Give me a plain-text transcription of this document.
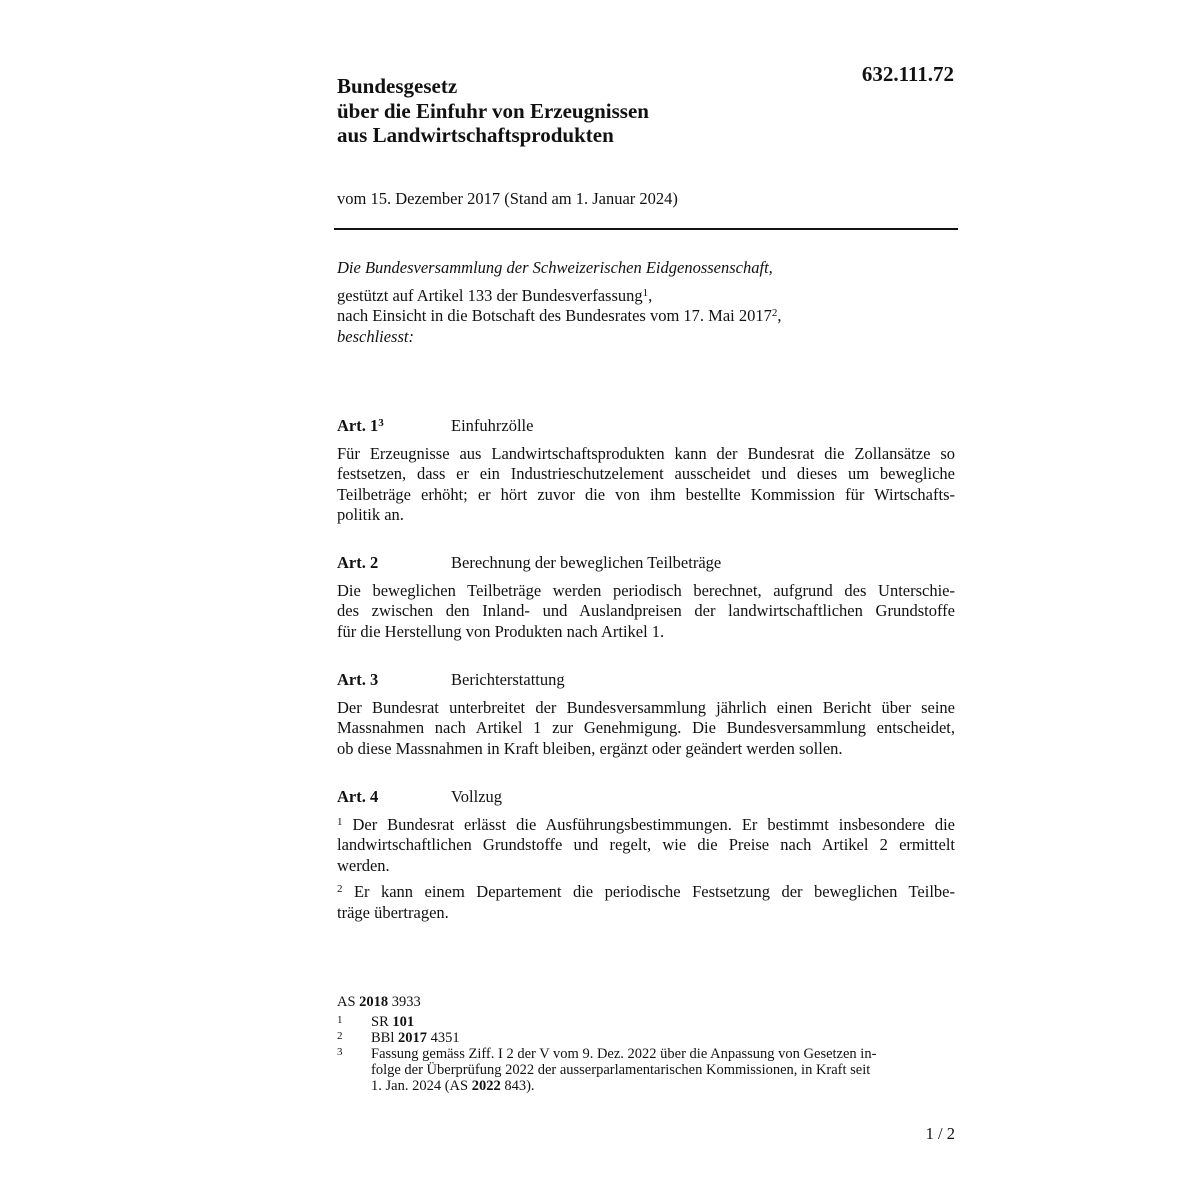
632.111.72
Bundesgesetz
über die Einfuhr von Erzeugnissen
aus Landwirtschaftsprodukten
vom 15. Dezember 2017 (Stand am 1. Januar 2024)
Die Bundesversammlung der Schweizerischen Eidgenossenschaft,
gestützt auf Artikel 133 der Bundesverfassung$^1$,
nach Einsicht in die Botschaft des Bundesrates vom 17. Mai 2017$^2$,
beschliesst:
Art. 1$^3$	Einfuhrzölle
Für Erzeugnisse aus Landwirtschaftsprodukten kann der Bundesrat die Zollansätze so
festsetzen, dass er ein Industrieschutzelement ausscheidet und dieses um bewegliche
Teilbeträge erhöht; er hört zuvor die von ihm bestellte Kommission für Wirtschafts-
politik an.
Art. 2	Berechnung der beweglichen Teilbeträge
Die beweglichen Teilbeträge werden periodisch berechnet, aufgrund des Unterschie-
des zwischen den Inland- und Auslandpreisen der landwirtschaftlichen Grundstoffe
für die Herstellung von Produkten nach Artikel 1.
Art. 3	Berichterstattung
Der Bundesrat unterbreitet der Bundesversammlung jährlich einen Bericht über seine
Massnahmen nach Artikel 1 zur Genehmigung. Die Bundesversammlung entscheidet,
ob diese Massnahmen in Kraft bleiben, ergänzt oder geändert werden sollen.
Art. 4	Vollzug
$^1$ Der Bundesrat erlässt die Ausführungsbestimmungen. Er bestimmt insbesondere die
landwirtschaftlichen Grundstoffe und regelt, wie die Preise nach Artikel 2 ermittelt
werden.
$^2$ Er kann einem Departement die periodische Festsetzung der beweglichen Teilbe-
träge übertragen.
AS 2018 3933
1	SR 101
2	BBl 2017 4351
3	Fassung gemäss Ziff. I 2 der V vom 9. Dez. 2022 über die Anpassung von Gesetzen in-
folge der Überprüfung 2022 der ausserparlamentarischen Kommissionen, in Kraft seit
1. Jan. 2024 (AS 2022 843).
1 / 2
